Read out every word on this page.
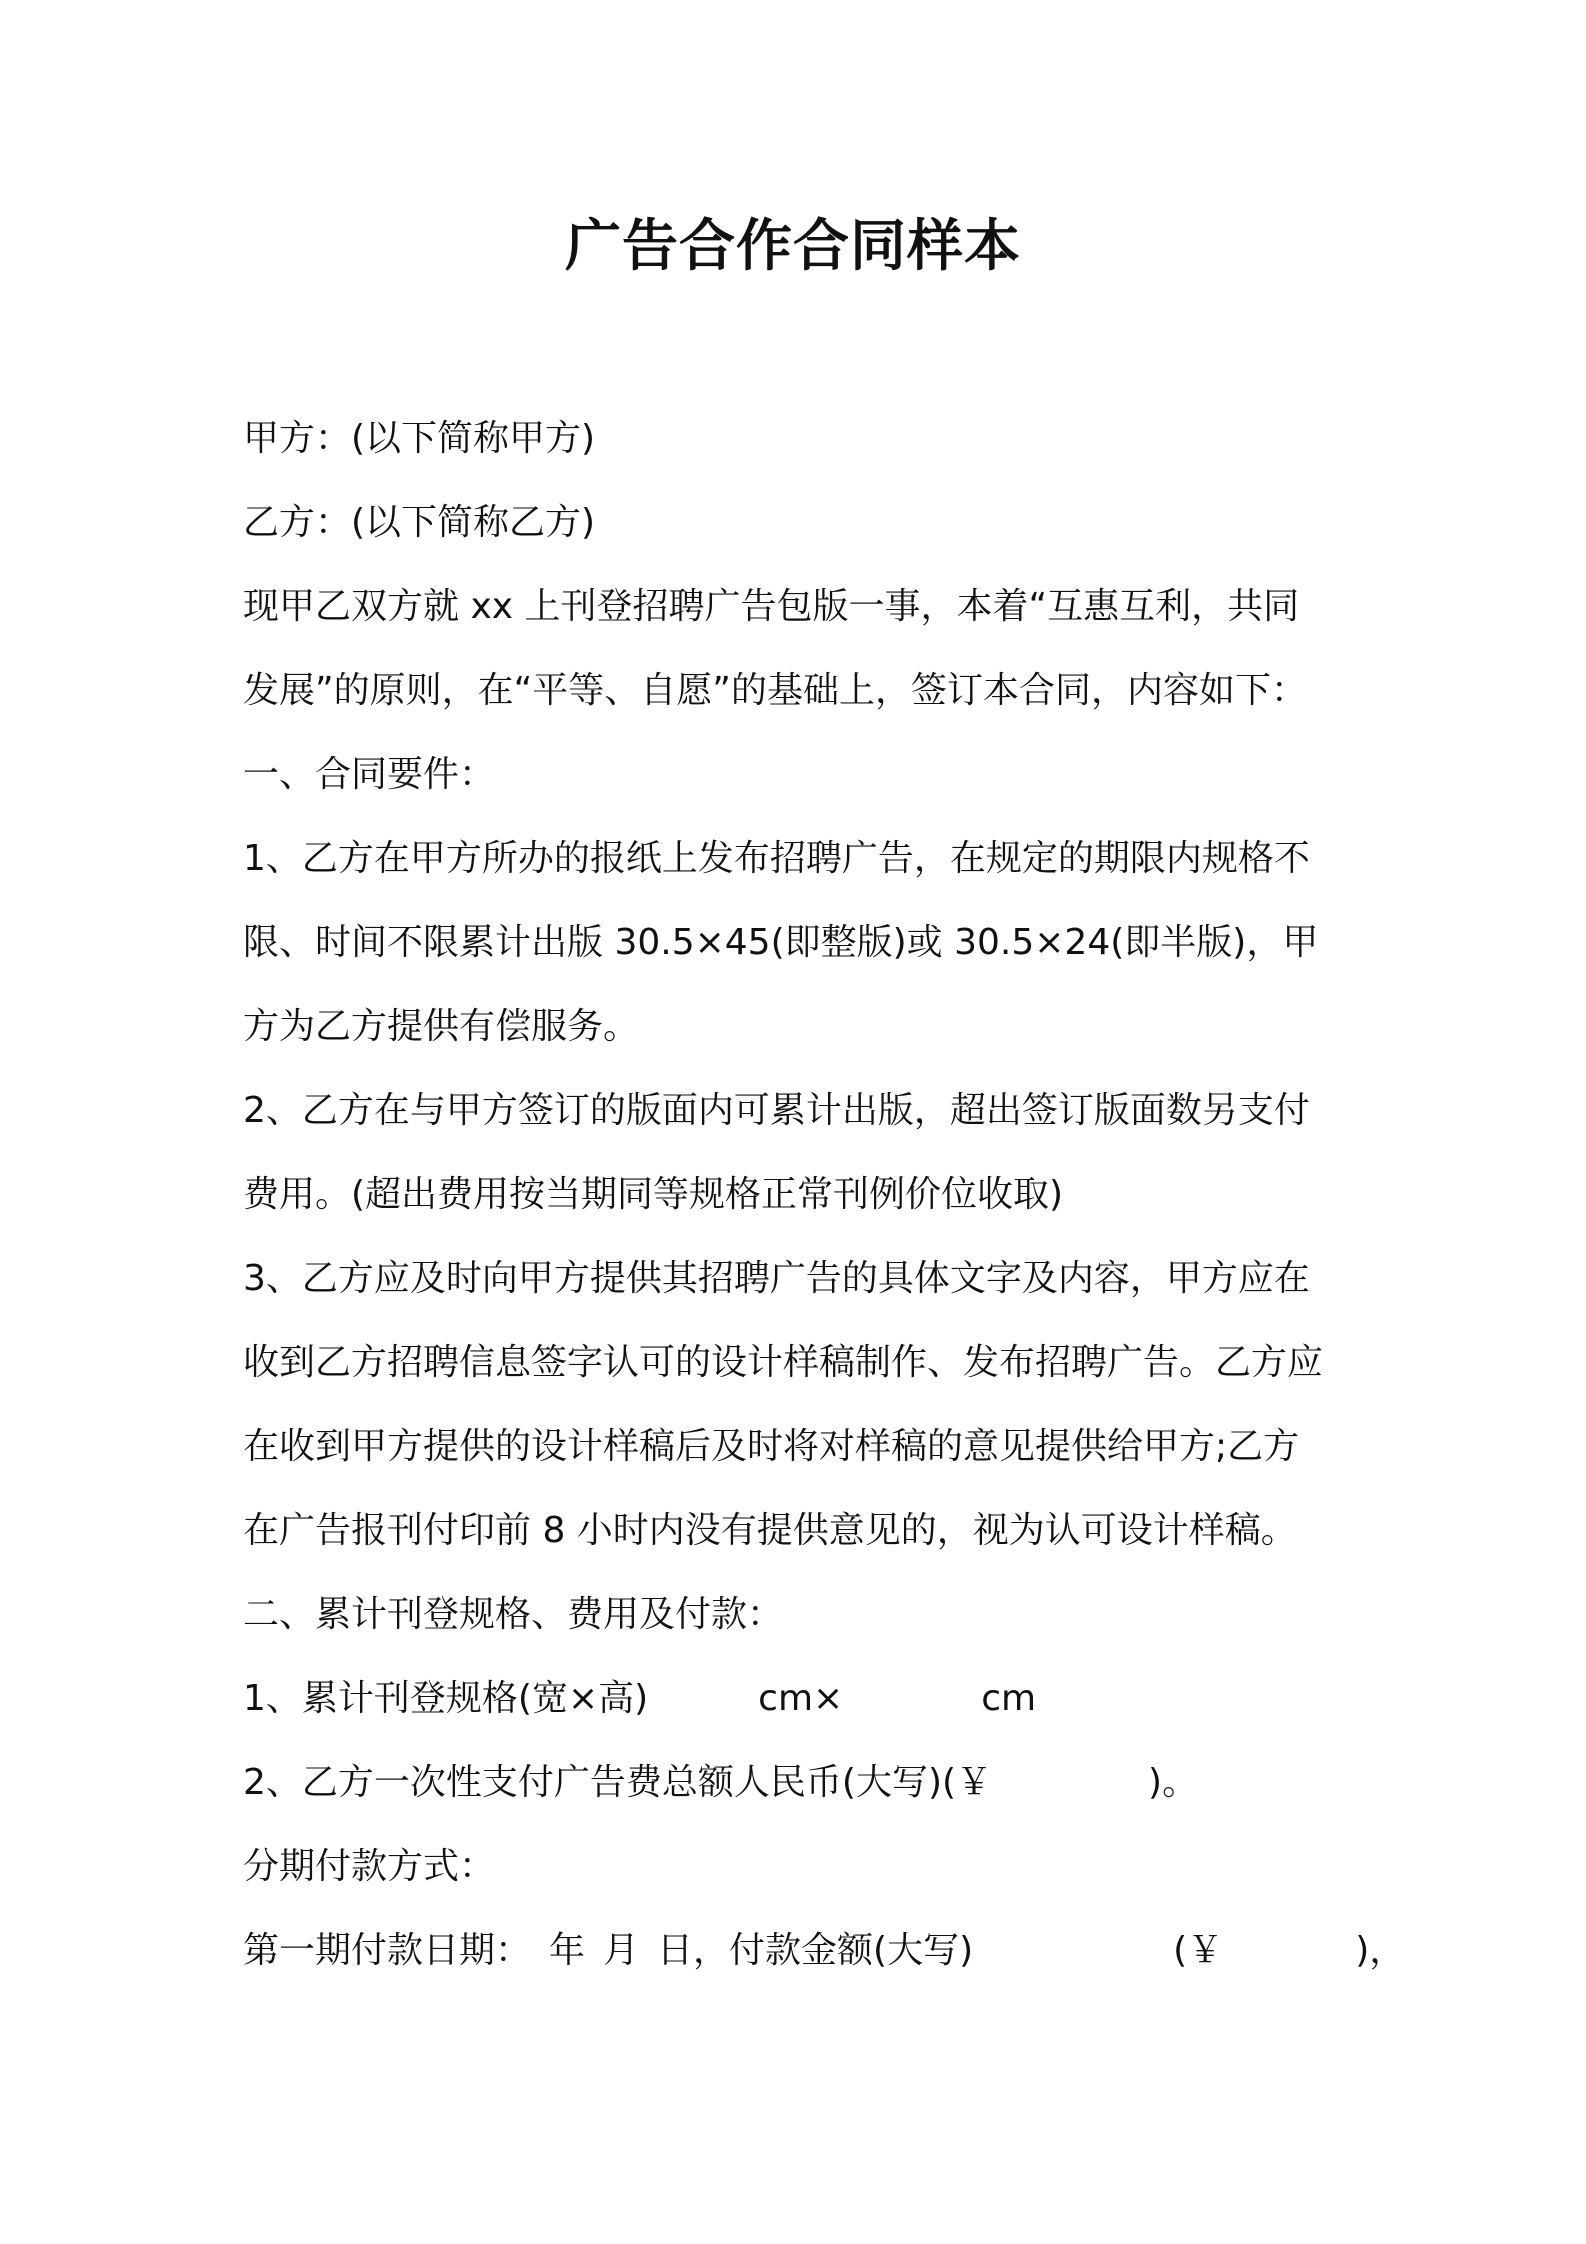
广告合作合同样本

甲方：(以下简称甲方)

乙方：(以下简称乙方)

现甲乙双方就 xx 上刊登招聘广告包版一事，本着“互惠互利，共同

发展”的原则，在“平等、自愿”的基础上，签订本合同，内容如下：

一、合同要件：

1、乙方在甲方所办的报纸上发布招聘广告，在规定的期限内规格不

限、时间不限累计出版 30.5×45(即整版)或 30.5×24(即半版)，甲

方为乙方提供有偿服务。

2、乙方在与甲方签订的版面内可累计出版，超出签订版面数另支付

费用。(超出费用按当期同等规格正常刊例价位收取)

3、乙方应及时向甲方提供其招聘广告的具体文字及内容，甲方应在

收到乙方招聘信息签字认可的设计样稿制作、发布招聘广告。乙方应

在收到甲方提供的设计样稿后及时将对样稿的意见提供给甲方;乙方

在广告报刊付印前 8 小时内没有提供意见的，视为认可设计样稿。

二、累计刊登规格、费用及付款：

1、累计刊登规格(宽×高)	cm×	cm

2、乙方一次性支付广告费总额人民币(大写)(￥	)。

分期付款方式：

第一期付款日期： 年 月 日，付款金额(大写)	(￥	)，
